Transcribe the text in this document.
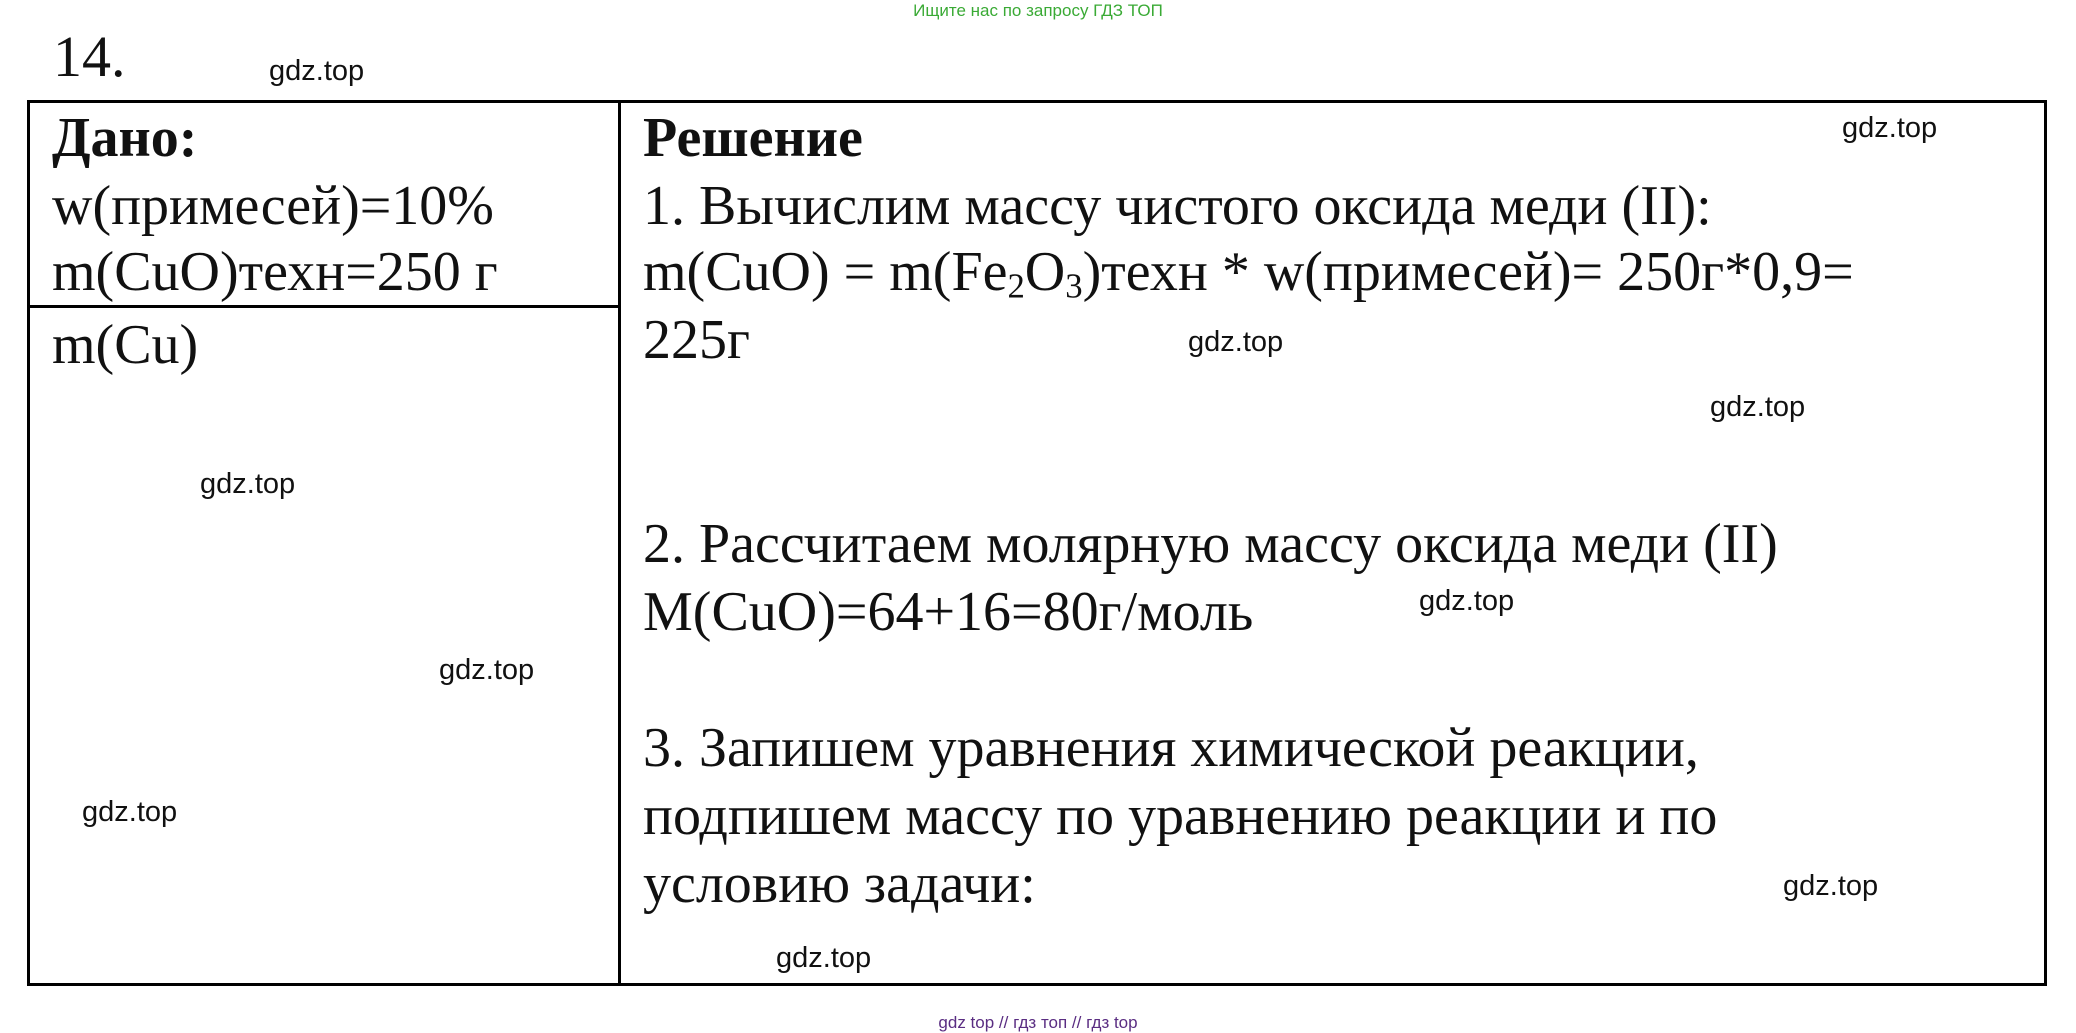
Ищите нас по запросу ГДЗ ТОП
14.
Дано:
w(примесей)=10%
m(CuO)техн=250 г
m(Cu)
Решение
1. Вычислим массу чистого оксида меди (II):
$m(CuO) = m(Fe_2O_3)техн$ * w(примесей)= 250г*0,9=
225г
2. Рассчитаем молярную массу оксида меди (II)
M(CuO)=64+16=80г/моль
3. Запишем уравнения химической реакции,
подпишем массу по уравнению реакции и по
условию задачи:
gdz.top
gdz.top
gdz.top
gdz.top
gdz.top
gdz.top
gdz.top
gdz.top
gdz.top
gdz.top
gdz top // гдз топ // гдз top
